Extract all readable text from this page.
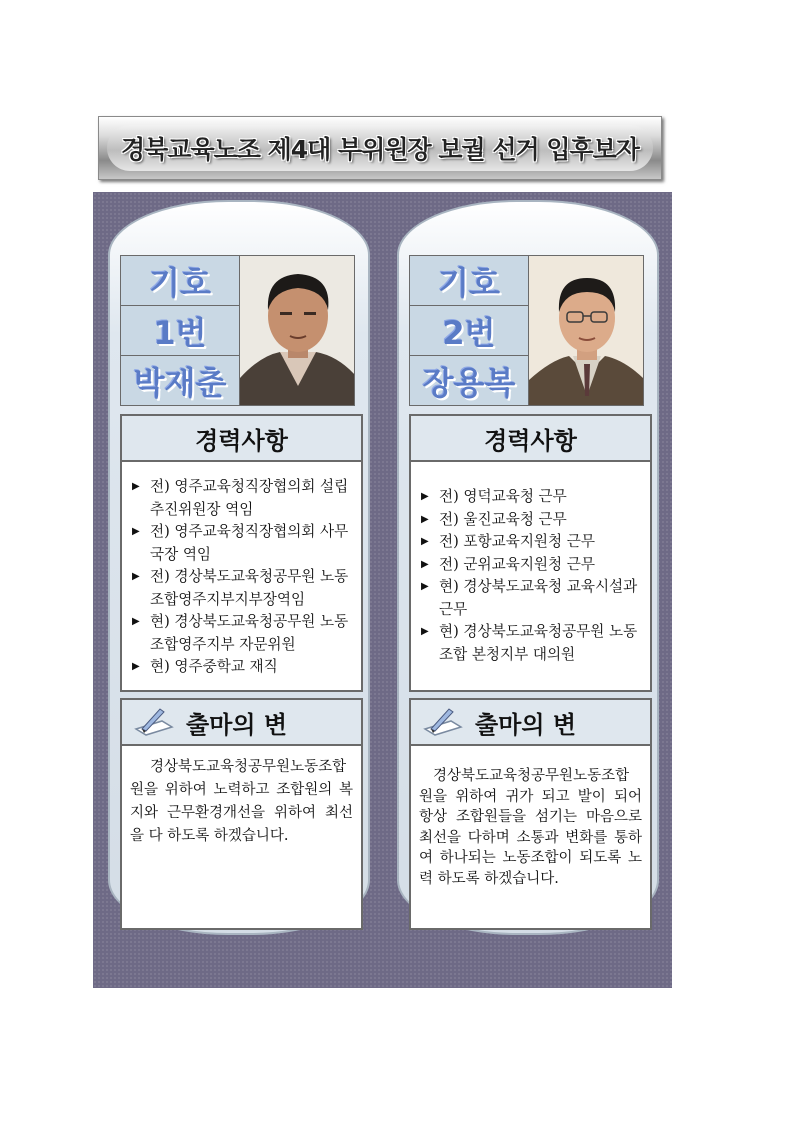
경북교육노조 제4대 부위원장 보궐 선거 입후보자
기호
1번
박재춘
경력사항
▶ 전) 영주교육청직장협의회 설립추진위원장 역임
▶ 전) 영주교육청직장협의회 사무국장 역임
▶ 전) 경상북도교육청공무원 노동조합영주지부지부장역임
▶ 현) 경상북도교육청공무원 노동조합영주지부 자문위원
▶ 현) 영주중학교 재직
출마의 변
경상북도교육청공무원노동조합원을 위하여 노력하고 조합원의 복지와 근무환경개선을 위하여 최선을 다 하도록 하겠습니다.
기호
2번
장용복
경력사항
▶ 전) 영덕교육청 근무
▶ 전) 울진교육청 근무
▶ 전) 포항교육지원청 근무
▶ 전) 군위교육지원청 근무
▶ 현) 경상북도교육청 교육시설과근무
▶ 현) 경상북도교육청공무원 노동조합 본청지부 대의원
출마의 변
경상북도교육청공무원노동조합원을 위하여 귀가 되고 발이 되어 항상 조합원들을 섬기는 마음으로 최선을 다하며 소통과 변화를 통하여 하나되는 노동조합이 되도록 노력 하도록 하겠습니다.
